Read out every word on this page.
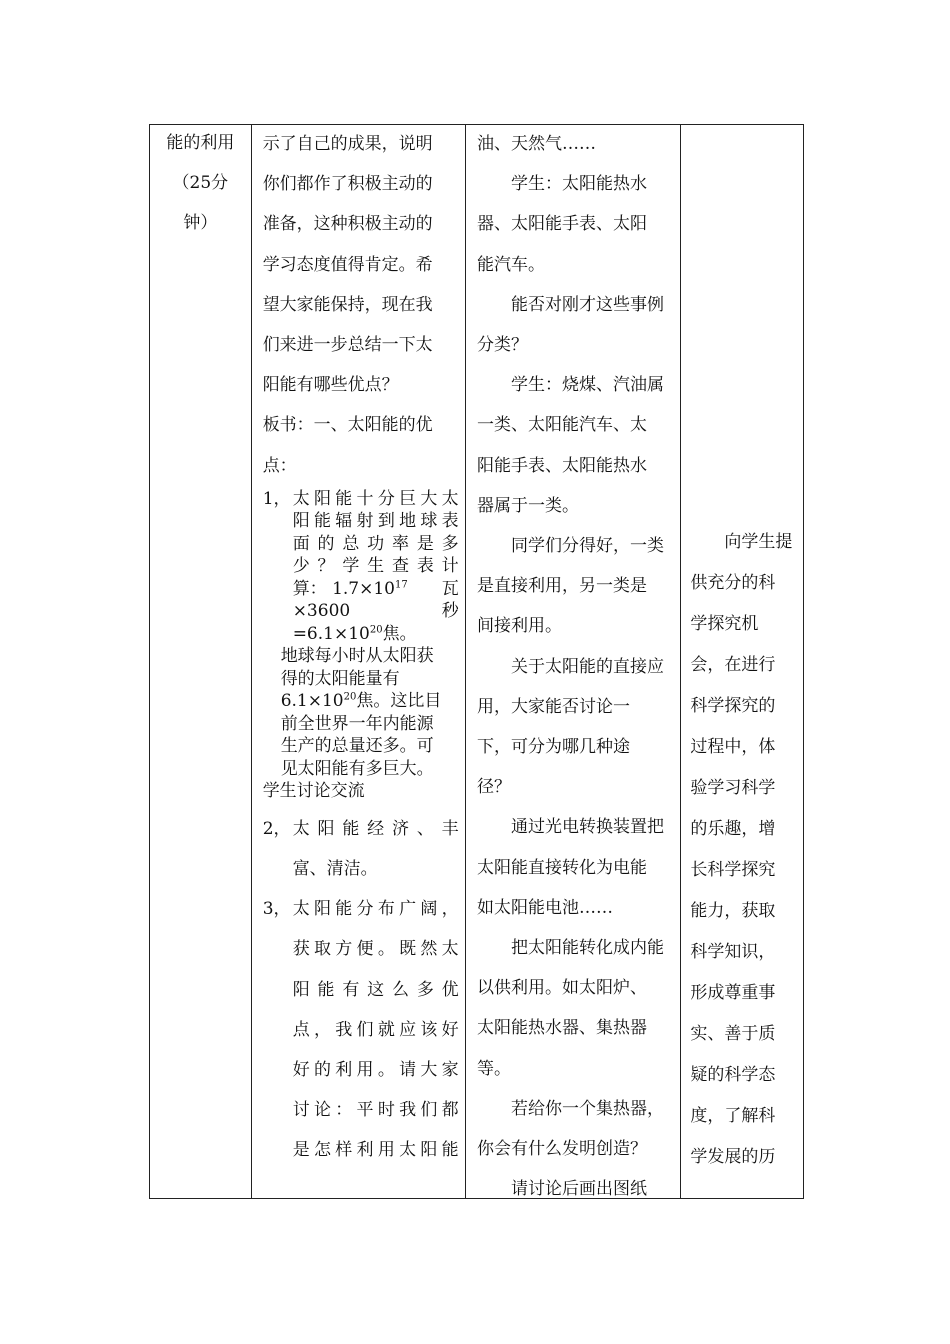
能的利用

（25分

钟）

示了自己的成果，说明

你们都作了积极主动的

准备，这种积极主动的

学习态度值得肯定。希

望大家能保持，现在我

们来进一步总结一下太

阳能有哪些优点？

板书：一、太阳能的优

点：

1， 太阳能十分巨大太
阳能辐射到地球表
面的总功率是多
少？学生查表计
算： $1.7\times 10^{17}$ 瓦
×3600	秒
$=6.1\times 10^{20}$焦。
地球每小时从太阳获
得的太阳能量有
$6.1\times 10^{20}$焦。这比目
前全世界一年内能源
生产的总量还多。可
见太阳能有多巨大。
学生讨论交流
2， 太阳能经济、丰
富、清洁。
3， 太阳能分布广阔，
获取方便。既然太
阳能有这么多优
点，我们就应该好
好的利用。请大家
讨论：平时我们都
是怎样利用太阳能

油、天然气……

学生：太阳能热水

器、太阳能手表、太阳

能汽车。

能否对刚才这些事例

分类？

学生：烧煤、汽油属

一类、太阳能汽车、太

阳能手表、太阳能热水

器属于一类。

同学们分得好，一类

是直接利用，另一类是

间接利用。

关于太阳能的直接应

用，大家能否讨论一

下，可分为哪几种途

径？

通过光电转换装置把

太阳能直接转化为电能

如太阳能电池……

把太阳能转化成内能

以供利用。如太阳炉、

太阳能热水器、集热器

等。

若给你一个集热器，

你会有什么发明创造？

请讨论后画出图纸

向学生提

供充分的科

学探究机

会，在进行

科学探究的

过程中，体

验学习科学

的乐趣，增

长科学探究

能力，获取

科学知识，

形成尊重事

实、善于质

疑的科学态

度，了解科

学发展的历
